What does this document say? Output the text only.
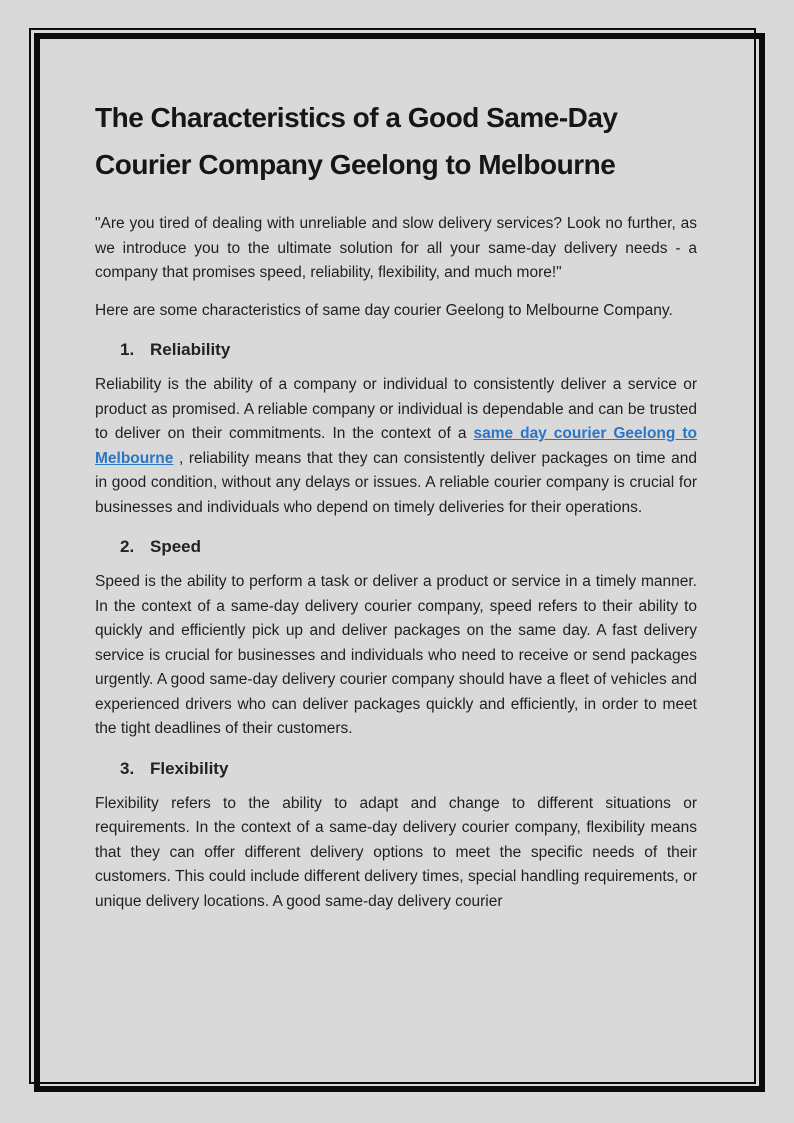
The Characteristics of a Good Same-Day
Courier Company Geelong to Melbourne

"Are you tired of dealing with unreliable and slow delivery services? Look no further, as we introduce you to the ultimate solution for all your same-day delivery needs - a company that promises speed, reliability, flexibility, and much more!"

Here are some characteristics of same day courier Geelong to Melbourne Company.

1. Reliability

Reliability is the ability of a company or individual to consistently deliver a service or product as promised. A reliable company or individual is dependable and can be trusted to deliver on their commitments. In the context of a same day courier Geelong to Melbourne , reliability means that they can consistently deliver packages on time and in good condition, without any delays or issues. A reliable courier company is crucial for businesses and individuals who depend on timely deliveries for their operations.

2. Speed

Speed is the ability to perform a task or deliver a product or service in a timely manner. In the context of a same-day delivery courier company, speed refers to their ability to quickly and efficiently pick up and deliver packages on the same day. A fast delivery service is crucial for businesses and individuals who need to receive or send packages urgently. A good same-day delivery courier company should have a fleet of vehicles and experienced drivers who can deliver packages quickly and efficiently, in order to meet the tight deadlines of their customers.

3. Flexibility

Flexibility refers to the ability to adapt and change to different situations or requirements. In the context of a same-day delivery courier company, flexibility means that they can offer different delivery options to meet the specific needs of their customers. This could include different delivery times, special handling requirements, or unique delivery locations. A good same-day delivery courier
